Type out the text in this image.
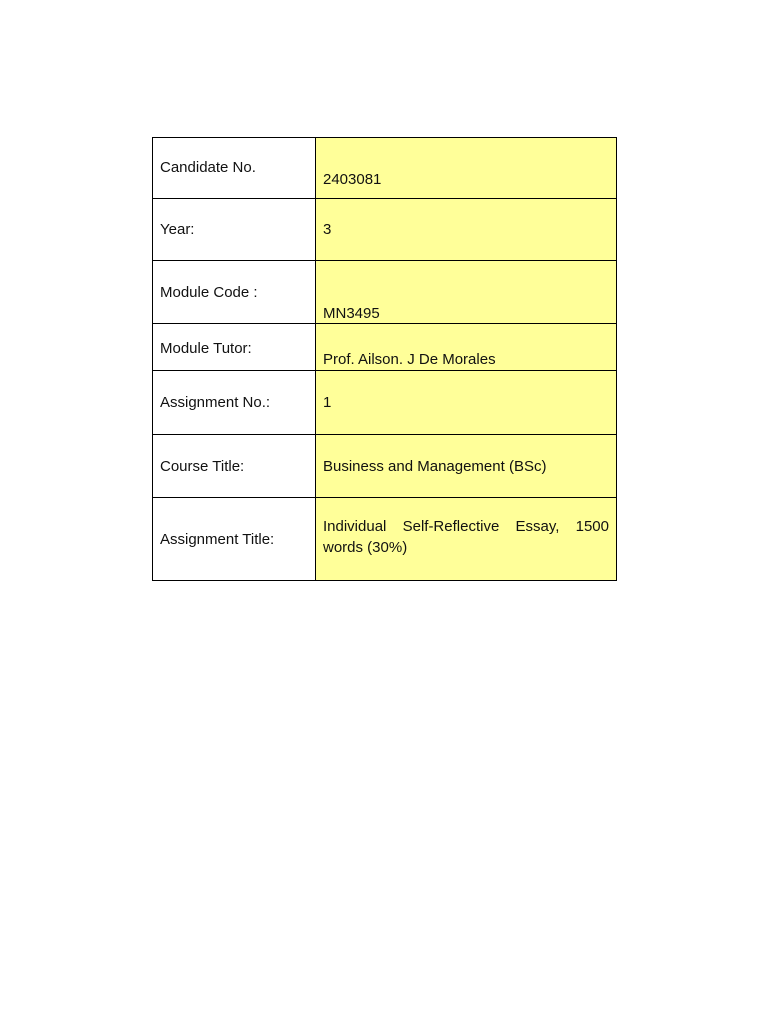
Candidate No.	2403081
Year:	3
Module Code :	MN3495
Module Tutor:	Prof. Ailson. J De Morales
Assignment No.:	1
Course Title:	Business and Management (BSc)
Assignment Title:	Individual Self-Reflective Essay, 1500 words (30%)
